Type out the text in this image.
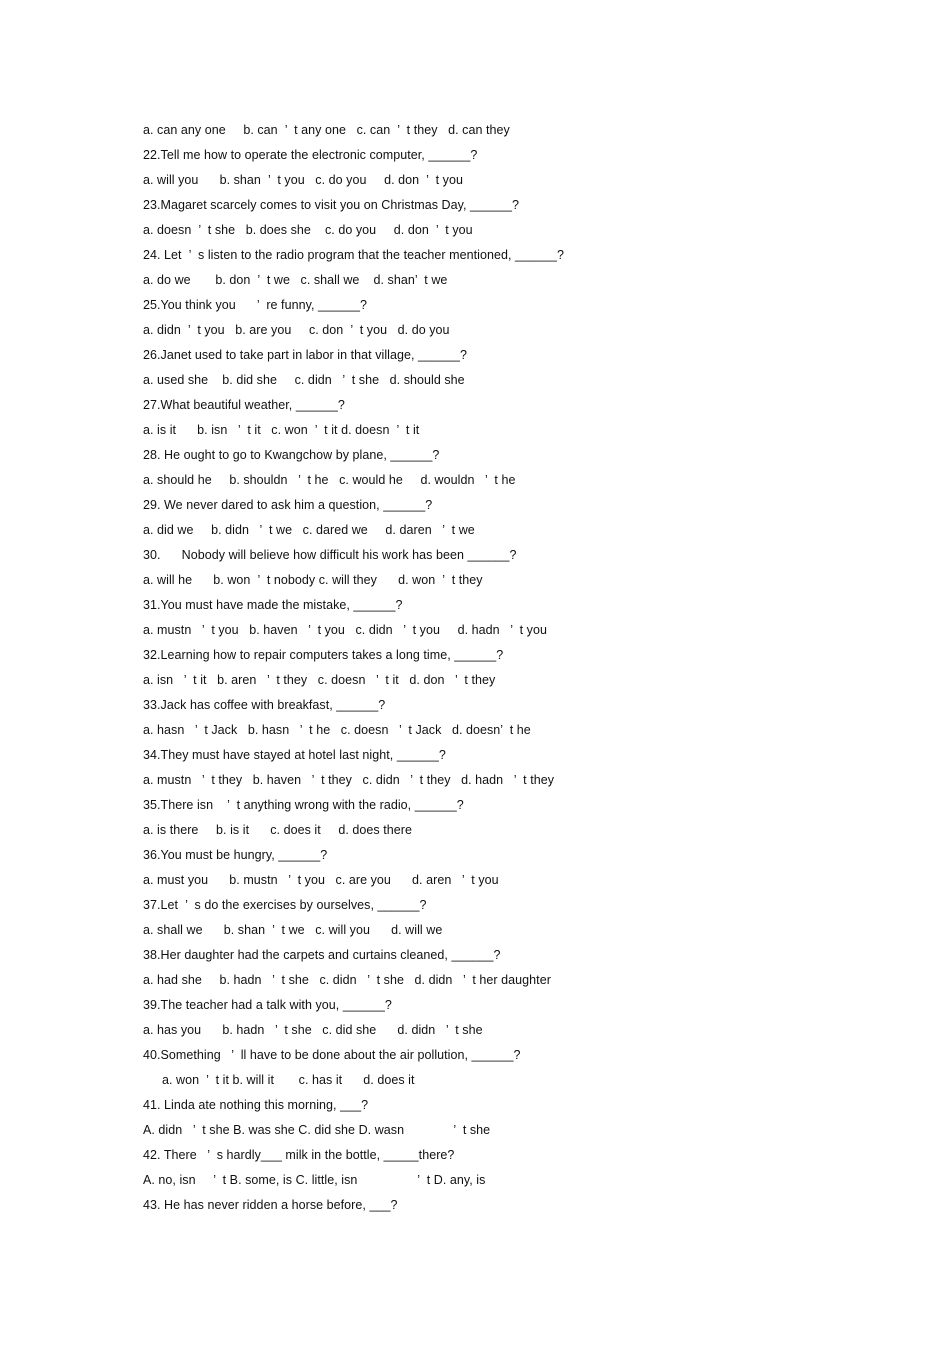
a. can any one     b. can  ’  t any one   c. can  ’  t they   d. can they
22.Tell me how to operate the electronic computer, ______?
a. will you      b. shan  ’  t you   c. do you     d. don  ’  t you
23.Magaret scarcely comes to visit you on Christmas Day, ______?
a. doesn  ’  t she   b. does she    c. do you     d. don  ’  t you
24. Let  ’  s listen to the radio program that the teacher mentioned, ______?
a. do we       b. don  ’  t we   c. shall we    d. shan’  t we
25.You think you      ’  re funny, ______?
a. didn  ’  t you   b. are you     c. don  ’  t you   d. do you
26.Janet used to take part in labor in that village, ______?
a. used she    b. did she     c. didn   ’  t she   d. should she
27.What beautiful weather, ______?
a. is it      b. isn   ’  t it   c. won  ’  t it d. doesn  ’  t it
28. He ought to go to Kwangchow by plane, ______?
a. should he     b. shouldn   ’  t he   c. would he     d. wouldn   ’  t he
29. We never dared to ask him a question, ______?
a. did we     b. didn   ’  t we   c. dared we     d. daren   ’  t we
30.      Nobody will believe how difficult his work has been ______?
a. will he      b. won  ’  t nobody c. will they      d. won  ’  t they
31.You must have made the mistake, ______?
a. mustn   ’  t you   b. haven   ’  t you   c. didn   ’  t you     d. hadn   ’  t you
32.Learning how to repair computers takes a long time, ______?
a. isn   ’  t it   b. aren   ’  t they   c. doesn   ’  t it   d. don   ’  t they
33.Jack has coffee with breakfast, ______?
a. hasn   ’  t Jack   b. hasn   ’  t he   c. doesn   ’  t Jack   d. doesn’  t he
34.They must have stayed at hotel last night, ______?
a. mustn   ’  t they   b. haven   ’  t they   c. didn   ’  t they   d. hadn   ’  t they
35.There isn    ’  t anything wrong with the radio, ______?
a. is there     b. is it      c. does it     d. does there
36.You must be hungry, ______?
a. must you      b. mustn   ’  t you   c. are you      d. aren   ’  t you
37.Let  ’  s do the exercises by ourselves, ______?
a. shall we      b. shan  ’  t we   c. will you      d. will we
38.Her daughter had the carpets and curtains cleaned, ______?
a. had she     b. hadn   ’  t she   c. didn   ’  t she   d. didn   ’  t her daughter
39.The teacher had a talk with you, ______?
a. has you      b. hadn   ’  t she   c. did she      d. didn   ’  t she
40.Something   ’  ll have to be done about the air pollution, ______?
a. won  ’  t it b. will it       c. has it      d. does it
41. Linda ate nothing this morning, ___?
A. didn   ’  t she B. was she C. did she D. wasn              ’  t she
42. There   ’  s hardly___ milk in the bottle, _____there?
A. no, isn     ’  t B. some, is C. little, isn                 ’  t D. any, is
43. He has never ridden a horse before, ___?
